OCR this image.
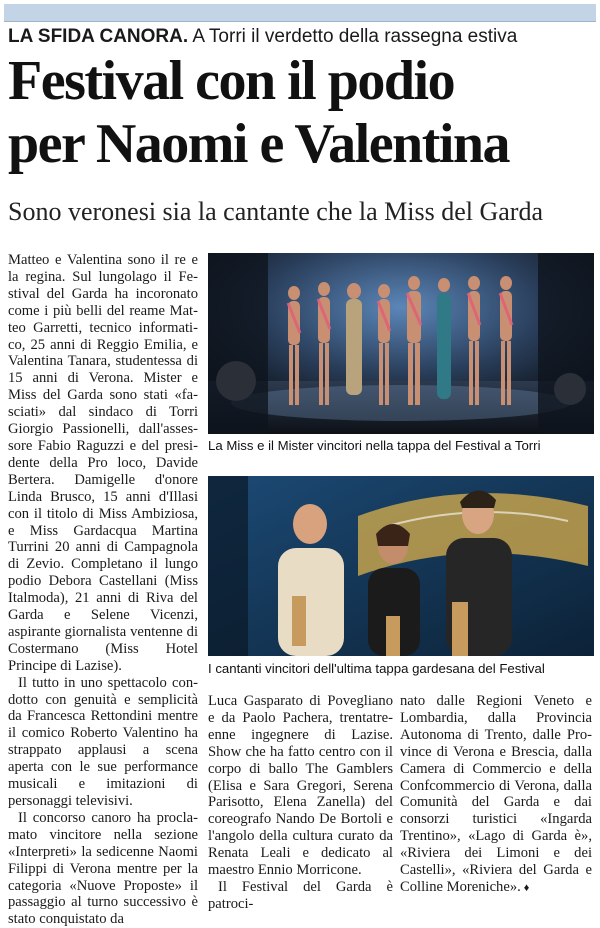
LA SFIDA CANORA. A Torri il verdetto della rassegna estiva
Festival con il podio
per Naomi e Valentina
Sono veronesi sia la cantante che la Miss del Garda

Matteo e Valentina sono il re e la regina. Sul lungolago il Festival del Garda ha incoronato come i più belli del reame Matteo Garretti, tecnico informatico, 25 anni di Reggio Emilia, e Valentina Tanara, studentessa di 15 anni di Verona. Mister e Miss del Garda sono stati «fasciati» dal sindaco di Torri Giorgio Passionelli, dall'assessore Fabio Raguzzi e del presidente della Pro loco, Davide Bertera. Damigelle d'onore Linda Brusco, 15 anni d'Illasi con il titolo di Miss Ambiziosa, e Miss Gardacqua Martina Turrini 20 anni di Campagnola di Zevio. Completano il lungo podio Debora Castellani (Miss Italmoda), 21 anni di Riva del Garda e Selene Vicenzi, aspirante giornalista ventenne di Costermano (Miss Hotel Principe di Lazise).

Il tutto in uno spettacolo condotto con genuità e semplicità da Francesca Rettondini mentre il comico Roberto Valentino ha strappato applausi a scena aperta con le sue performance musicali e imitazioni di personaggi televisivi.

Il concorso canoro ha proclamato vincitore nella sezione «Interpreti» la sedicenne Naomi Filippi di Verona mentre per la categoria «Nuove Proposte» il passaggio al turno successivo è stato conquistato da

La Miss e il Mister vincitori nella tappa del Festival a Torri
I cantanti vincitori dell'ultima tappa gardesana del Festival

Luca Gasparato di Povegliano e da Paolo Pachera, trentatreenne ingegnere di Lazise. Show che ha fatto centro con il corpo di ballo The Gamblers (Elisa e Sara Gregori, Serena Parisotto, Elena Zanella) del coreografo Nando De Bortoli e l'angolo della cultura curato da Renata Leali e dedicato al maestro Ennio Morricone.

Il Festival del Garda è patroci-

nato dalle Regioni Veneto e Lombardia, dalla Provincia Autonoma di Trento, dalle Province di Verona e Brescia, dalla Camera di Commercio e della Confcommercio di Verona, dalla Comunità del Garda e dai consorzi turistici «Ingarda Trentino», «Lago di Garda è», «Riviera dei Limoni e dei Castelli», «Riviera del Garda e Colline Moreniche». ♦
